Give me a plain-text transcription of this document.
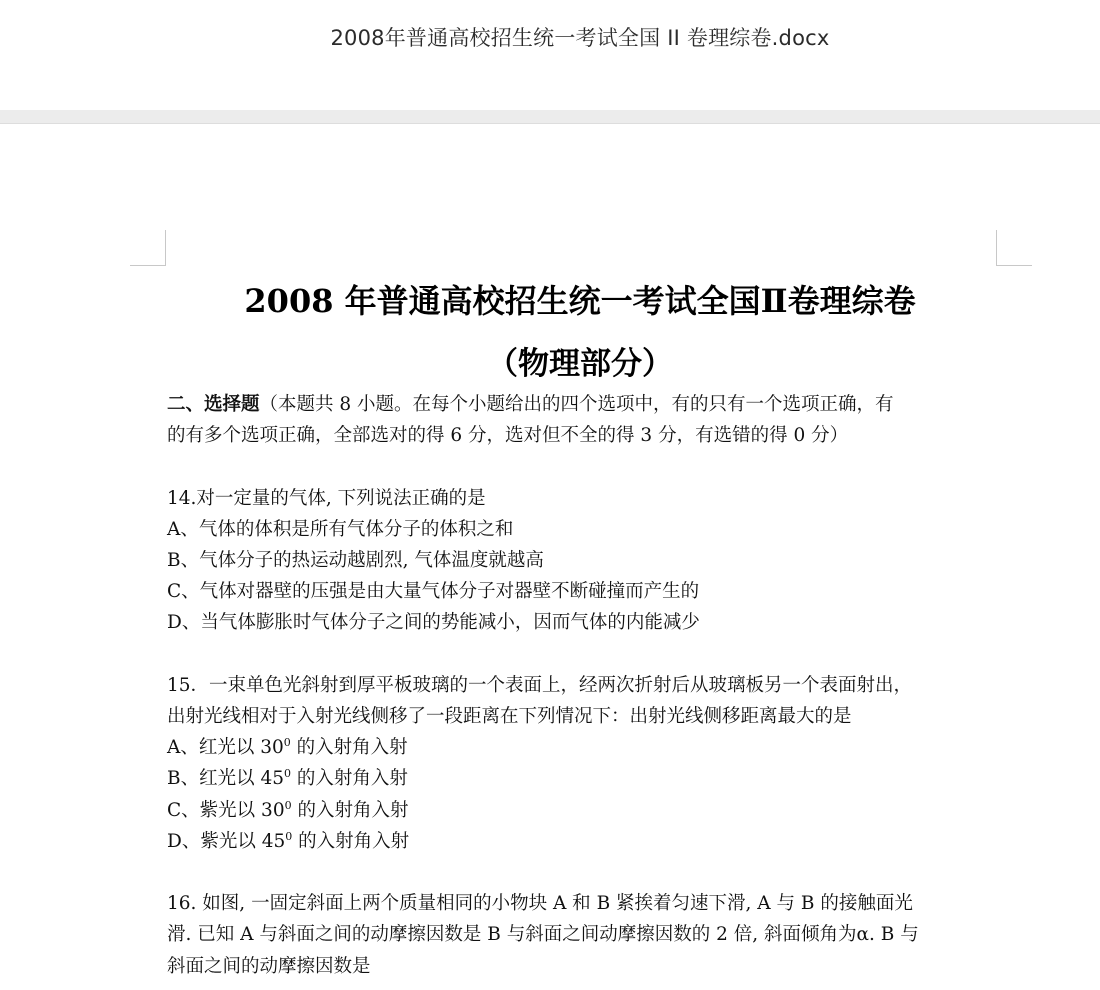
2008年普通高校招生统一考试全国 II 卷理综卷.docx
2008 年普通高校招生统一考试全国Ⅱ卷理综卷
（物理部分）

二、选择题（本题共 8 小题。在每个小题给出的四个选项中，有的只有一个选项正确，有

的有多个选项正确，全部选对的得 6 分，选对但不全的得 3 分，有选错的得 0 分）

14.对一定量的气体, 下列说法正确的是

A、气体的体积是所有气体分子的体积之和

B、气体分子的热运动越剧烈, 气体温度就越高

C、气体对器壁的压强是由大量气体分子对器壁不断碰撞而产生的

D、当气体膨胀时气体分子之间的势能减小，因而气体的内能减少

15．一束单色光斜射到厚平板玻璃的一个表面上，经两次折射后从玻璃板另一个表面射出，

出射光线相对于入射光线侧移了一段距离在下列情况下：出射光线侧移距离最大的是

A、红光以 $30^0$ 的入射角入射

B、红光以 $45^0$ 的入射角入射

C、紫光以 $30^0$ 的入射角入射

D、紫光以 $45^0$ 的入射角入射

16. 如图, 一固定斜面上两个质量相同的小物块 A 和 B 紧挨着匀速下滑, A 与 B 的接触面光

滑. 已知 A 与斜面之间的动摩擦因数是 B 与斜面之间动摩擦因数的 2 倍, 斜面倾角为α. B 与

斜面之间的动摩擦因数是
